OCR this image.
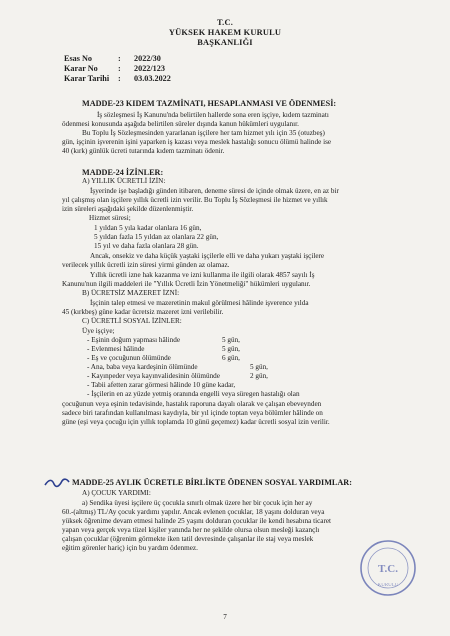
T.C.
YÜKSEK HAKEM KURULU
BAŞKANLIĞI
Esas No	: 2022/30
Karar No : 2022/123
Karar Tarihi : 03.03.2022
MADDE-23 KIDEM TAZMİNATI, HESAPLANMASI VE ÖDENMESİ:
İş sözleşmesi İş Kanunu'nda belirtilen hallerde sona eren işçiye, kıdem tazminatı
ödenmesi konusunda aşağıda belirtilen süreler dışında kanun hükümleri uygulanır.
Bu Toplu İş Sözleşmesinden yararlanan işçilere her tam hizmet yılı için 35 (otuzbeş)
gün, işçinin işverenin işini yaparken iş kazası veya meslek hastalığı sonucu ölümü halinde ise
40 (kırk) günlük ücreti tutarında kıdem tazminatı ödenir.
MADDE-24 İZİNLER:
A) YILLIK ÜCRETLİ İZİN:
İşyerinde işe başladığı günden itibaren, deneme süresi de içinde olmak üzere, en az bir
yıl çalışmış olan işçilere yıllık ücretli izin verilir. Bu Toplu İş Sözleşmesi ile hizmet ve yıllık
izin süreleri aşağıdaki şekilde düzenlenmiştir.
Hizmet süresi;
1 yıldan 5 yıla kadar olanlara 16 gün,
5 yıldan fazla 15 yıldan az olanlara 22 gün,
15 yıl ve daha fazla olanlara 28 gün.
Ancak, onsekiz ve daha küçük yaştaki işçilerle elli ve daha yukarı yaştaki işçilere
verilecek yıllık ücretli izin süresi yirmi günden az olamaz.
Yıllık ücretli izne hak kazanma ve izni kullanma ile ilgili olarak 4857 sayılı İş
Kanunu'nun ilgili maddeleri ile "Yıllık Ücretli İzin Yönetmeliği" hükümleri uygulanır.
B) ÜCRETSİZ MAZERET İZNİ:
İşçinin talep etmesi ve mazeretinin makul görülmesi hâlinde işverence yılda
45 (kırkbeş) güne kadar ücretsiz mazeret izni verilebilir.
C) ÜCRETLİ SOSYAL İZİNLER:
Üye işçiye;
- Eşinin doğum yapması hâlinde	5 gün,
- Evlenmesi hâlinde	5 gün,
- Eş ve çocuğunun ölümünde	6 gün,
- Ana, baba veya kardeşinin ölümünde	5 gün,
- Kayınpeder veya kayınvalidesinin ölümünde	2 gün,
- Tabii afetten zarar görmesi hâlinde 10 güne kadar,
- İşçilerin en az yüzde yetmiş oranında engelli veya süregen hastalığı olan
çocuğunun veya eşinin tedavisinde, hastalık raporuna dayalı olarak ve çalışan ebeveynden
sadece biri tarafından kullanılması kaydıyla, bir yıl içinde toptan veya bölümler hâlinde on
güne (eşi veya çocuğu için yıllık toplamda 10 günü geçemez) kadar ücretli sosyal izin verilir.
MADDE-25 AYLIK ÜCRETLE BİRLİKTE ÖDENEN SOSYAL YARDIMLAR:
A) ÇOCUK YARDIMI:
a) Sendika üyesi işçilere üç çocukla sınırlı olmak üzere her bir çocuk için her ay
60.-(altmış) TL/Ay çocuk yardımı yapılır. Ancak evlenen çocuklar, 18 yaşını dolduran veya
yüksek öğrenime devam etmesi halinde 25 yaşını dolduran çocuklar ile kendi hesabına ticaret
yapan veya gerçek veya tüzel kişiler yanında her ne şekilde olursa olsun mesleği kazançlı
çalışan çocuklar (öğrenim görmekte iken tatil devresinde çalışanlar ile staj veya meslek
eğitim görenler hariç) için bu yardım ödenmez.
T.C.
KURULU
7
